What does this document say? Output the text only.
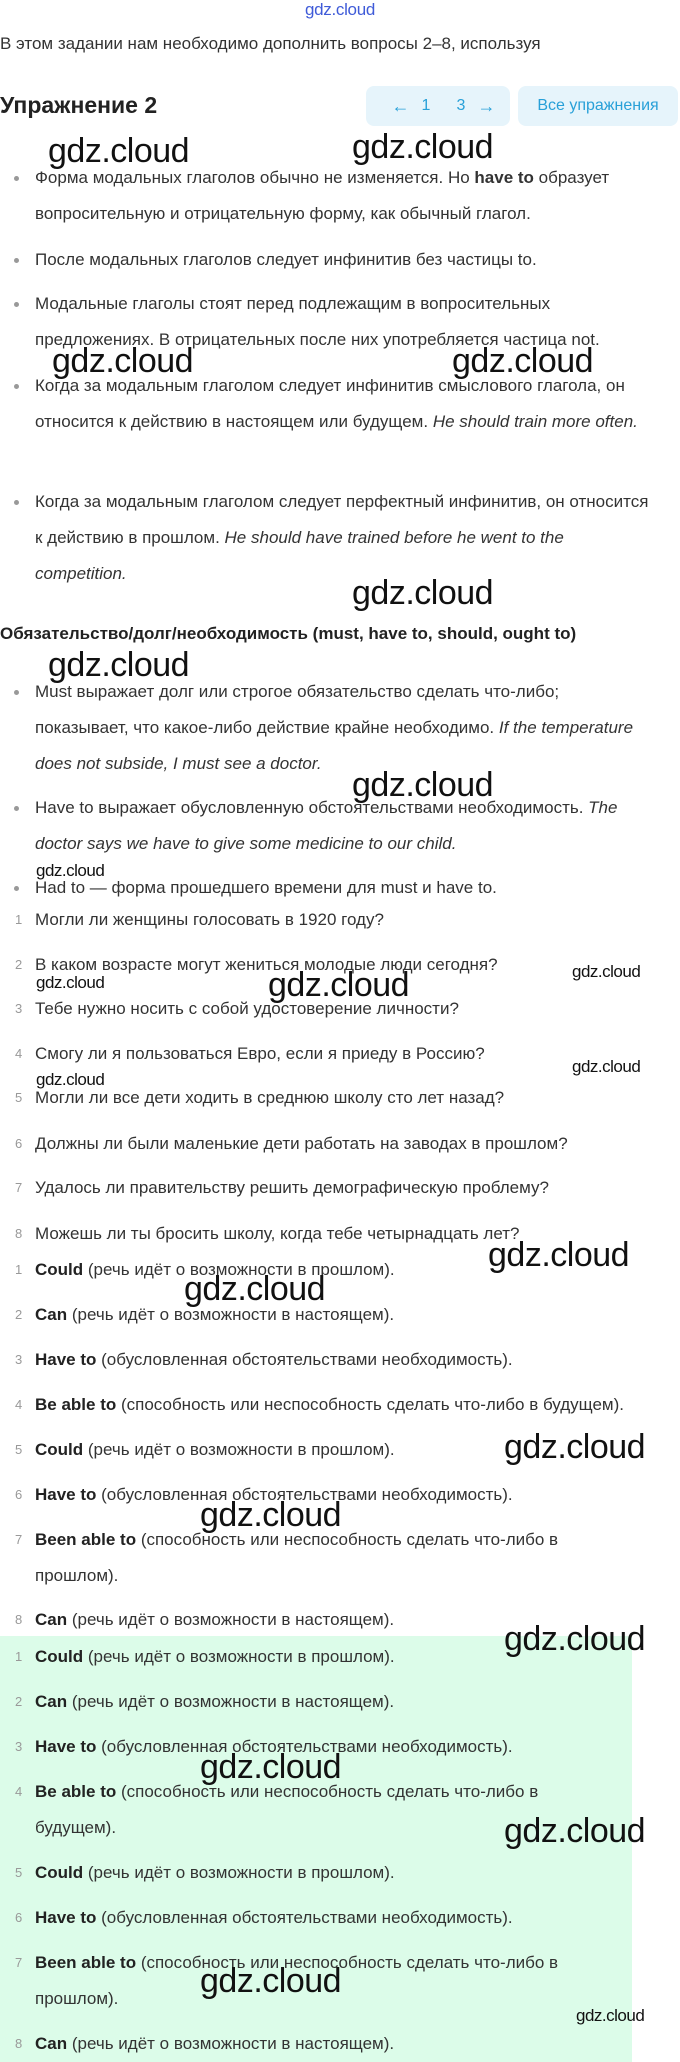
gdz.cloud
В этом задании нам необходимо дополнить вопросы 2–8, используя
Упражнение 2	← 1 3 →	Все упражнения
Форма модальных глаголов обычно не изменяется. Но have to образует вопросительную и отрицательную форму, как обычный глагол.
После модальных глаголов следует инфинитив без частицы to.
Модальные глаголы стоят перед подлежащим в вопросительных предложениях. В отрицательных после них употребляется частица not.
Когда за модальным глаголом следует инфинитив смыслового глагола, он относится к действию в настоящем или будущем. He should train more often.
Когда за модальным глаголом следует перфектный инфинитив, он относится к действию в прошлом. He should have trained before he went to the competition.
Обязательство/долг/необходимость (must, have to, should, ought to)
Must выражает долг или строгое обязательство сделать что-либо; показывает, что какое-либо действие крайне необходимо. If the temperature does not subside, I must see a doctor.
Have to выражает обусловленную обстоятельствами необходимость. The doctor says we have to give some medicine to our child.
Had to — форма прошедшего времени для must и have to.
1 Могли ли женщины голосовать в 1920 году?
2 В каком возрасте могут жениться молодые люди сегодня?
3 Тебе нужно носить с собой удостоверение личности?
4 Смогу ли я пользоваться Евро, если я приеду в Россию?
5 Могли ли все дети ходить в среднюю школу сто лет назад?
6 Должны ли были маленькие дети работать на заводах в прошлом?
7 Удалось ли правительству решить демографическую проблему?
8 Можешь ли ты бросить школу, когда тебе четырнадцать лет?
1 Could (речь идёт о возможности в прошлом).
2 Can (речь идёт о возможности в настоящем).
3 Have to (обусловленная обстоятельствами необходимость).
4 Be able to (способность или неспособность сделать что-либо в будущем).
5 Could (речь идёт о возможности в прошлом).
6 Have to (обусловленная обстоятельствами необходимость).
7 Been able to (способность или неспособность сделать что-либо в прошлом).
8 Can (речь идёт о возможности в настоящем).
1 Could (речь идёт о возможности в прошлом).
2 Can (речь идёт о возможности в настоящем).
3 Have to (обусловленная обстоятельствами необходимость).
4 Be able to (способность или неспособность сделать что-либо в будущем).
5 Could (речь идёт о возможности в прошлом).
6 Have to (обусловленная обстоятельствами необходимость).
7 Been able to (способность или неспособность сделать что-либо в прошлом).
8 Can (речь идёт о возможности в настоящем).
gdz.cloud	gdz.cloud
gdz.cloud	gdz.cloud
gdz.cloud
gdz.cloud
gdz.cloud
gdz.cloud
gdz.cloud	gdz.cloud	gdz.cloud
gdz.cloud
gdz.cloud
gdz.cloud
gdz.cloud
gdz.cloud
gdz.cloud
gdz.cloud
gdz.cloud
gdz.cloud
gdz.cloud
gdz.cloud
